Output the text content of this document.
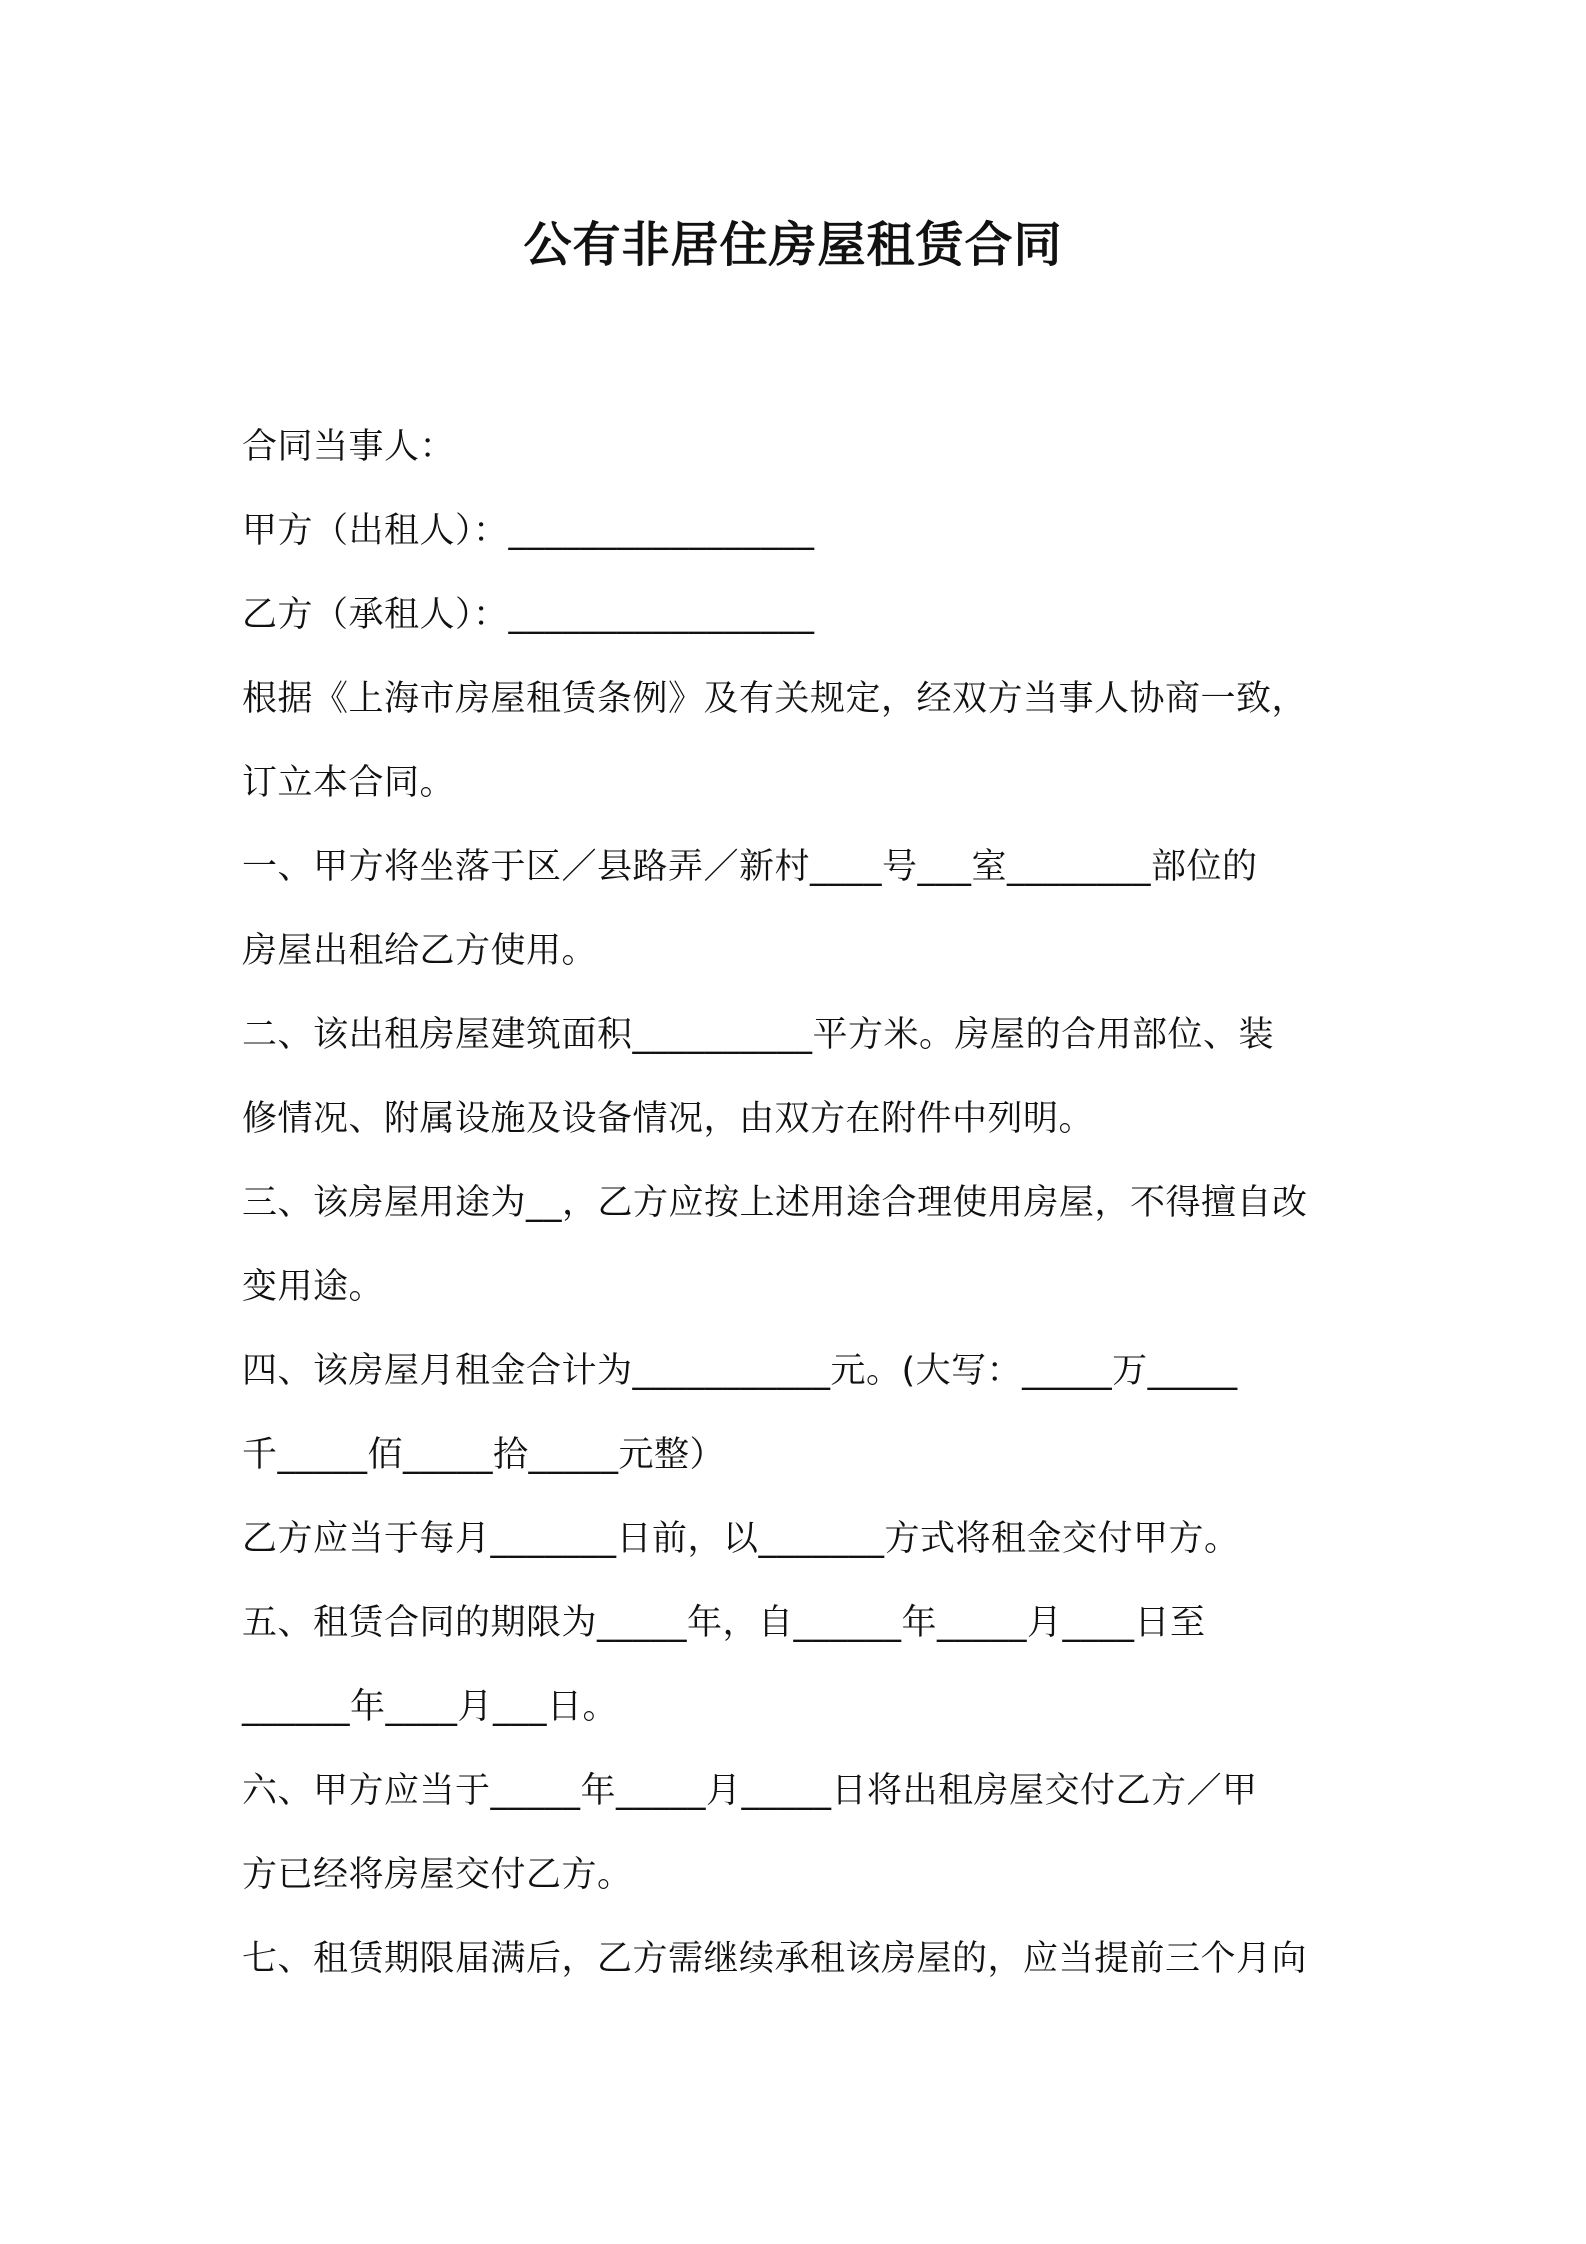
公有非居住房屋租赁合同
合同当事人：
甲方（出租人）：_________________
乙方（承租人）：_________________
根据《上海市房屋租赁条例》及有关规定，经双方当事人协商一致，
订立本合同。
一、甲方将坐落于区／县路弄／新村____号___室________部位的
房屋出租给乙方使用。
二、该出租房屋建筑面积__________平方米。房屋的合用部位、装
修情况、附属设施及设备情况，由双方在附件中列明。
三、该房屋用途为__，乙方应按上述用途合理使用房屋，不得擅自改
变用途。
四、该房屋月租金合计为___________元。(大写：_____万_____
千_____佰_____拾_____元整）
乙方应当于每月_______日前，以_______方式将租金交付甲方。
五、租赁合同的期限为_____年，自______年_____月____日至
______年____月___日。
六、甲方应当于_____年_____月_____日将出租房屋交付乙方／甲
方已经将房屋交付乙方。
七、租赁期限届满后，乙方需继续承租该房屋的，应当提前三个月向
